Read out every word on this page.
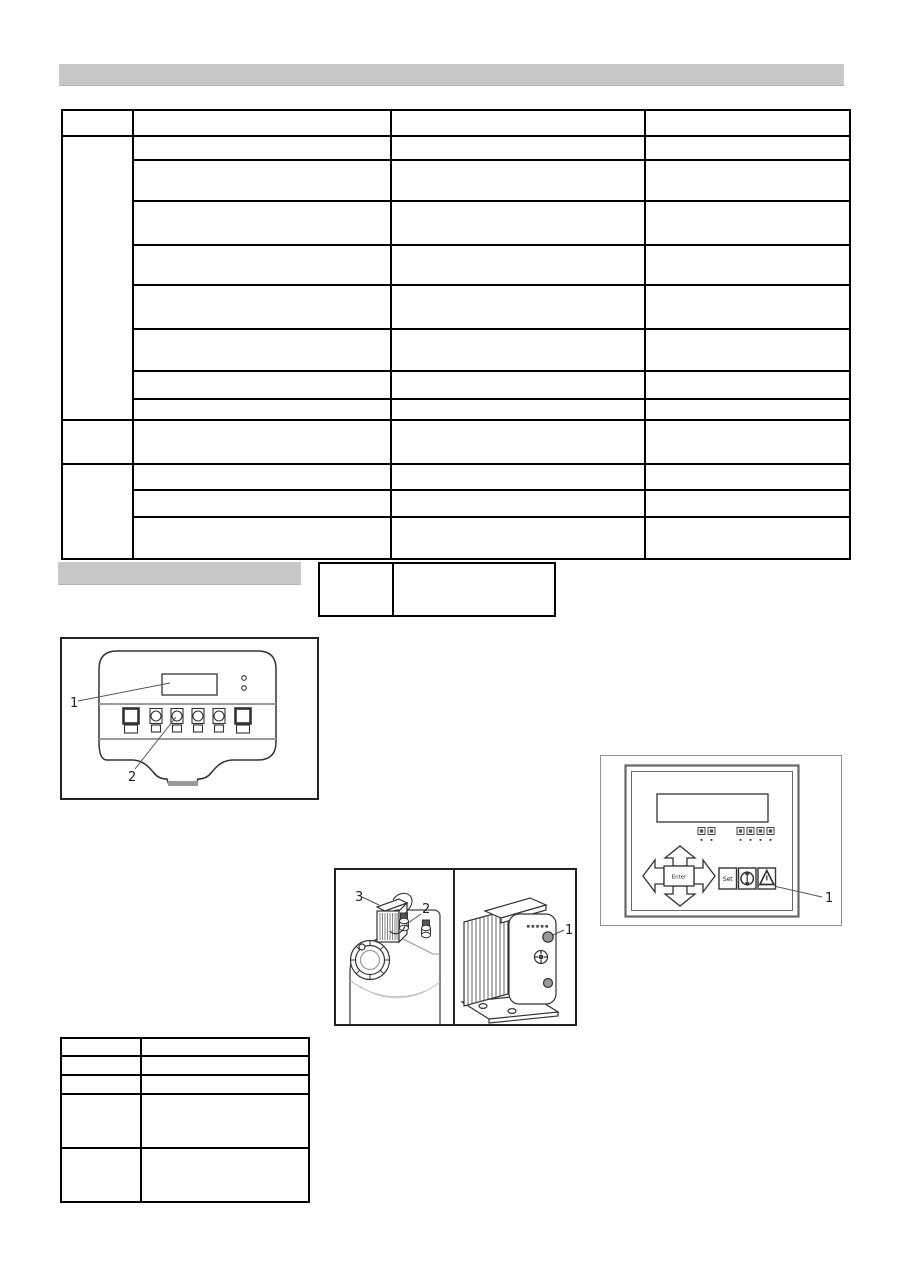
1
2
3
2
1
Enter	Set
1
